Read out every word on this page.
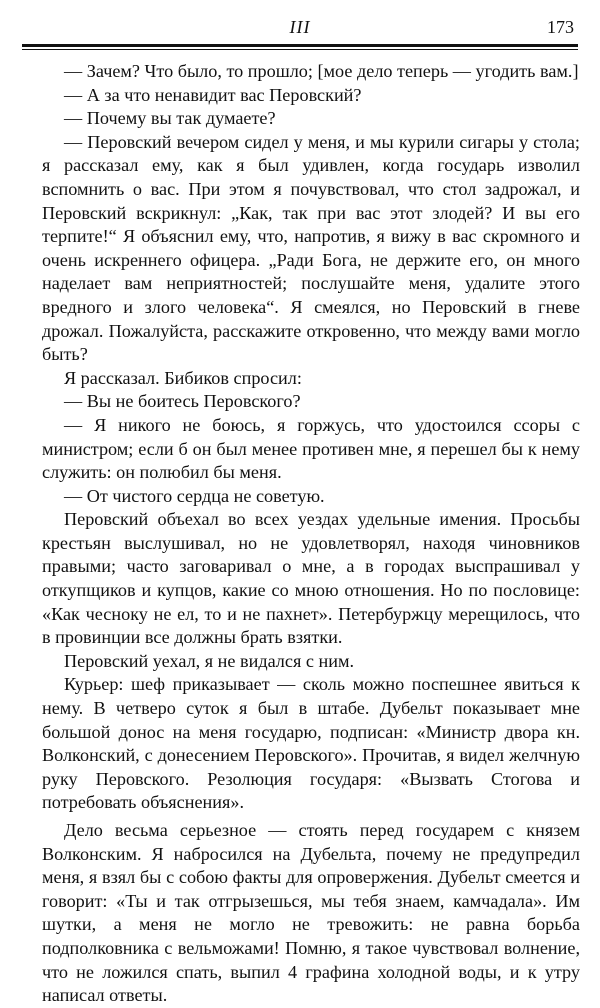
III	173

— Зачем? Что было, то прошло; [мое дело теперь — угодить вам.]

— А за что ненавидит вас Перовский?

— Почему вы так думаете?

— Перовский вечером сидел у меня, и мы курили сигары у стола; я рассказал ему, как я был удивлен, когда государь изволил вспомнить о вас. При этом я почувствовал, что стол задрожал, и Перовский вскрикнул: „Как, так при вас этот злодей? И вы его терпите!“ Я объяснил ему, что, напротив, я вижу в вас скромного и очень искреннего офицера. „Ради Бога, не держите его, он много наделает вам неприятностей; послушайте меня, удалите этого вредного и злого человека“. Я смеялся, но Перовский в гневе дрожал. Пожалуйста, расскажите откровенно, что между вами могло быть?

Я рассказал. Бибиков спросил:

— Вы не боитесь Перовского?

— Я никого не боюсь, я горжусь, что удостоился ссоры с министром; если б он был менее противен мне, я перешел бы к нему служить: он полюбил бы меня.

— От чистого сердца не советую.

Перовский объехал во всех уездах удельные имения. Просьбы крестьян выслушивал, но не удовлетворял, находя чиновников правыми; часто заговаривал о мне, а в городах выспрашивал у откупщиков и купцов, какие со мною отношения. Но по пословице: «Как чесноку не ел, то и не пахнет». Петербуржцу мерещилось, что в провинции все должны брать взятки.

Перовский уехал, я не видался с ним.

Курьер: шеф приказывает — сколь можно поспешнее явиться к нему. В четверо суток я был в штабе. Дубельт показывает мне большой донос на меня государю, подписан: «Министр двора кн. Волконский, с донесением Перовского». Прочитав, я видел желчную руку Перовского. Резолюция государя: «Вызвать Стогова и потребовать объяснения».

Дело весьма серьезное — стоять перед государем с князем Волконским. Я набросился на Дубельта, почему не предупредил меня, я взял бы с собою факты для опровержения. Дубельт смеется и говорит: «Ты и так отгрызешься, мы тебя знаем, камчадала». Им шутки, а меня не могло не тревожить: не равна борьба подполковника с вельможами! Помню, я такое чувствовал волнение, что не ложился спать, выпил 4 графина холодной воды, и к утру написал ответы.
